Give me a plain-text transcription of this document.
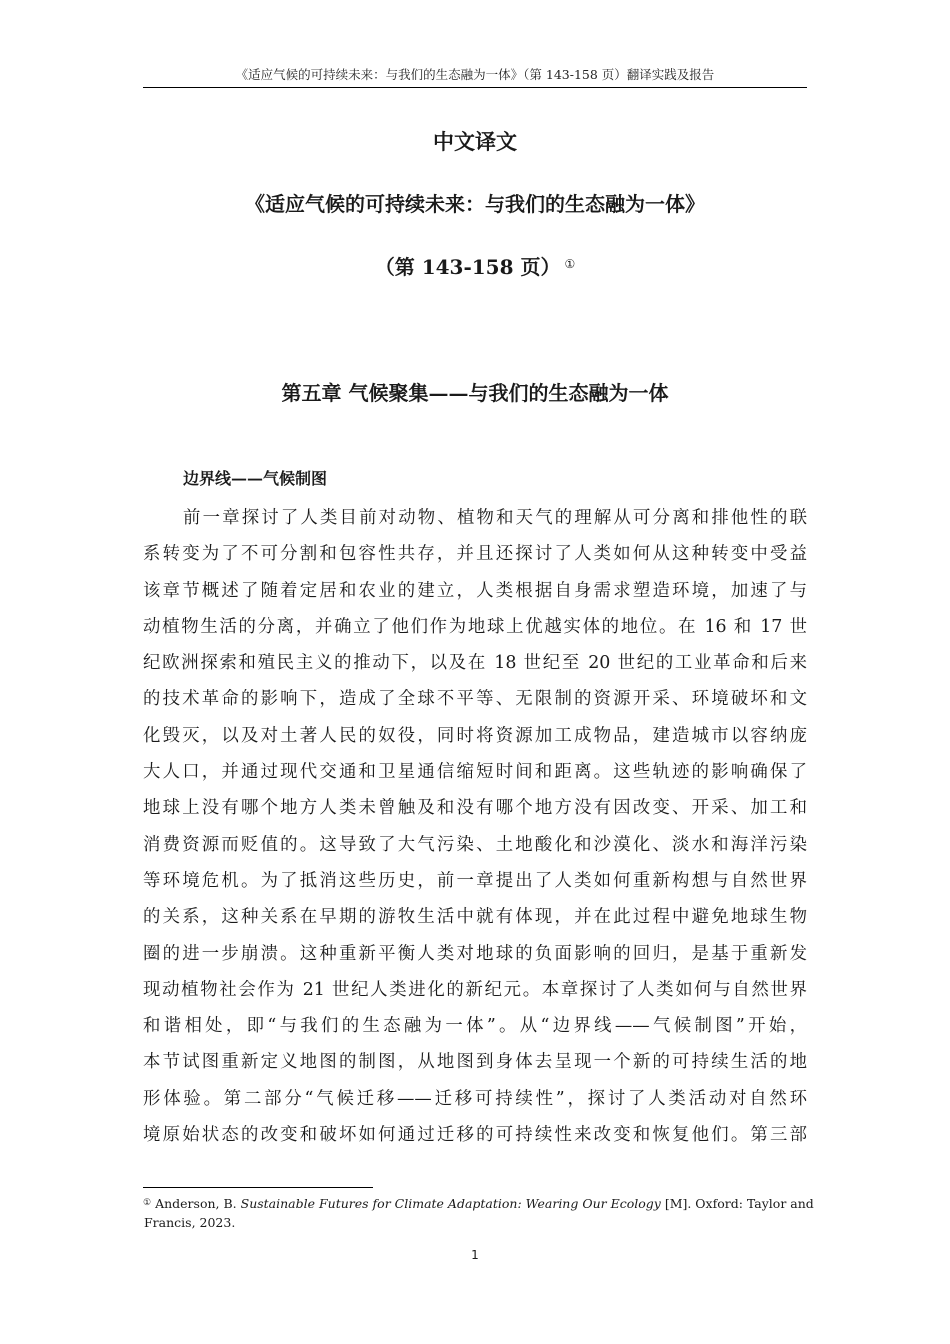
《适应气候的可持续未来：与我们的生态融为一体》（第 143-158 页）翻译实践及报告
中文译文
《适应气候的可持续未来：与我们的生态融为一体》
（第 143-158 页） ①
第五章 气候聚集——与我们的生态融为一体
边界线——气候制图
前一章探讨了人类目前对动物、植物和天气的理解从可分离和排他性的联
系转变为了不可分割和包容性共存，并且还探讨了人类如何从这种转变中受益
该章节概述了随着定居和农业的建立，人类根据自身需求塑造环境，加速了与
动植物生活的分离，并确立了他们作为地球上优越实体的地位。在 16 和 17 世
纪欧洲探索和殖民主义的推动下，以及在 18 世纪至 20 世纪的工业革命和后来
的技术革命的影响下，造成了全球不平等、无限制的资源开采、环境破坏和文
化毁灭，以及对土著人民的奴役，同时将资源加工成物品，建造城市以容纳庞
大人口，并通过现代交通和卫星通信缩短时间和距离。这些轨迹的影响确保了
地球上没有哪个地方人类未曾触及和没有哪个地方没有因改变、开采、加工和
消费资源而贬值的。这导致了大气污染、土地酸化和沙漠化、淡水和海洋污染
等环境危机。为了抵消这些历史，前一章提出了人类如何重新构想与自然世界
的关系，这种关系在早期的游牧生活中就有体现，并在此过程中避免地球生物
圈的进一步崩溃。这种重新平衡人类对地球的负面影响的回归，是基于重新发
现动植物社会作为 21 世纪人类进化的新纪元。本章探讨了人类如何与自然世界
和谐相处，即“与我们的生态融为一体”。从“边界线——气候制图”开始，
本节试图重新定义地图的制图，从地图到身体去呈现一个新的可持续生活的地
形体验。第二部分“气候迁移——迁移可持续性”，探讨了人类活动对自然环
境原始状态的改变和破坏如何通过迁移的可持续性来改变和恢复他们。第三部
① Anderson, B. Sustainable Futures for Climate Adaptation: Wearing Our Ecology [M]. Oxford: Taylor and
Francis, 2023.
1
